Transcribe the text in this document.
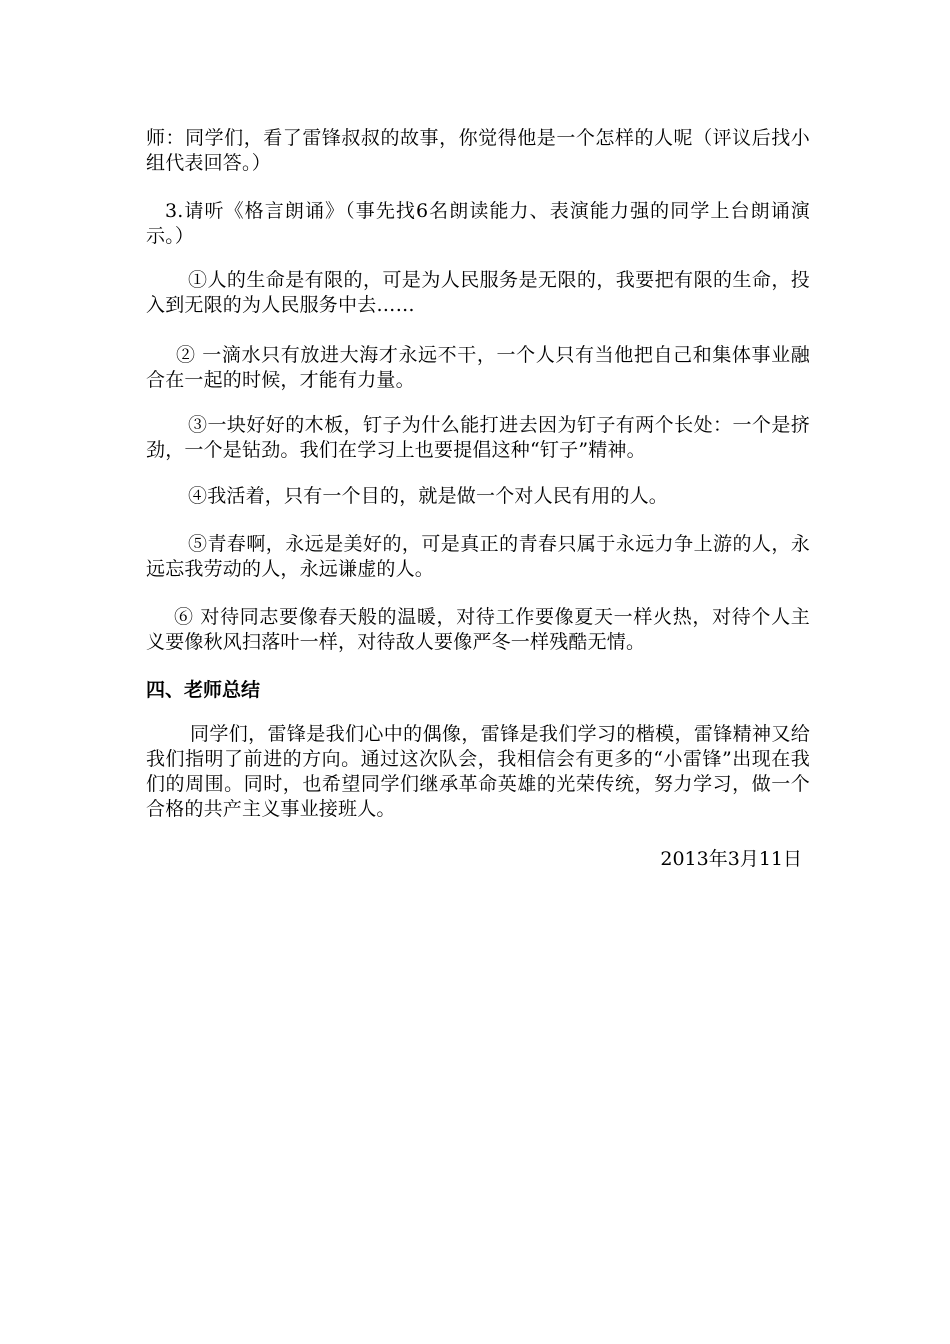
师：同学们，看了雷锋叔叔的故事，你觉得他是一个怎样的人呢（评议后找小组代表回答。）

3.请听《格言朗诵》（事先找6名朗读能力、表演能力强的同学上台朗诵演示。）

①人的生命是有限的，可是为人民服务是无限的，我要把有限的生命，投入到无限的为人民服务中去……

② 一滴水只有放进大海才永远不干，一个人只有当他把自己和集体事业融合在一起的时候，才能有力量。

③一块好好的木板，钉子为什么能打进去因为钉子有两个长处：一个是挤劲，一个是钻劲。我们在学习上也要提倡这种“钉子”精神。

④我活着，只有一个目的，就是做一个对人民有用的人。

⑤青春啊，永远是美好的，可是真正的青春只属于永远力争上游的人，永远忘我劳动的人，永远谦虚的人。

⑥ 对待同志要像春天般的温暖，对待工作要像夏天一样火热，对待个人主义要像秋风扫落叶一样，对待敌人要像严冬一样残酷无情。

四、老师总结

同学们，雷锋是我们心中的偶像，雷锋是我们学习的楷模，雷锋精神又给我们指明了前进的方向。通过这次队会，我相信会有更多的“小雷锋”出现在我们的周围。同时，也希望同学们继承革命英雄的光荣传统，努力学习，做一个合格的共产主义事业接班人。

2013年3月11日
